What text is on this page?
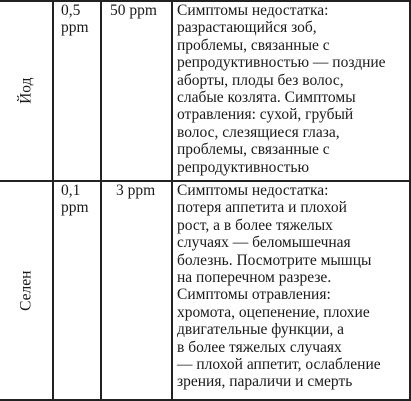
Йод
0,5
ppm
50 ppm Симптомы недостатка:
разрастающийся зоб,
проблемы, связанные с
репродуктивностью — поздние
аборты, плоды без волос,
слабые козлята. Симптомы
отравления: сухой, грубый
волос, слезящиеся глаза,
проблемы, связанные с
репродуктивностью
Селен
0,1
ppm
3 ppm Симптомы недостатка:
потеря аппетита и плохой
рост, а в более тяжелых
случаях — беломышечная
болезнь. Посмотрите мышцы
на поперечном разрезе.
Симптомы отравления:
хромота, оцепенение, плохие
двигательные функции, а
в более тяжелых случаях
— плохой аппетит, ослабление
зрения, параличи и смерть
